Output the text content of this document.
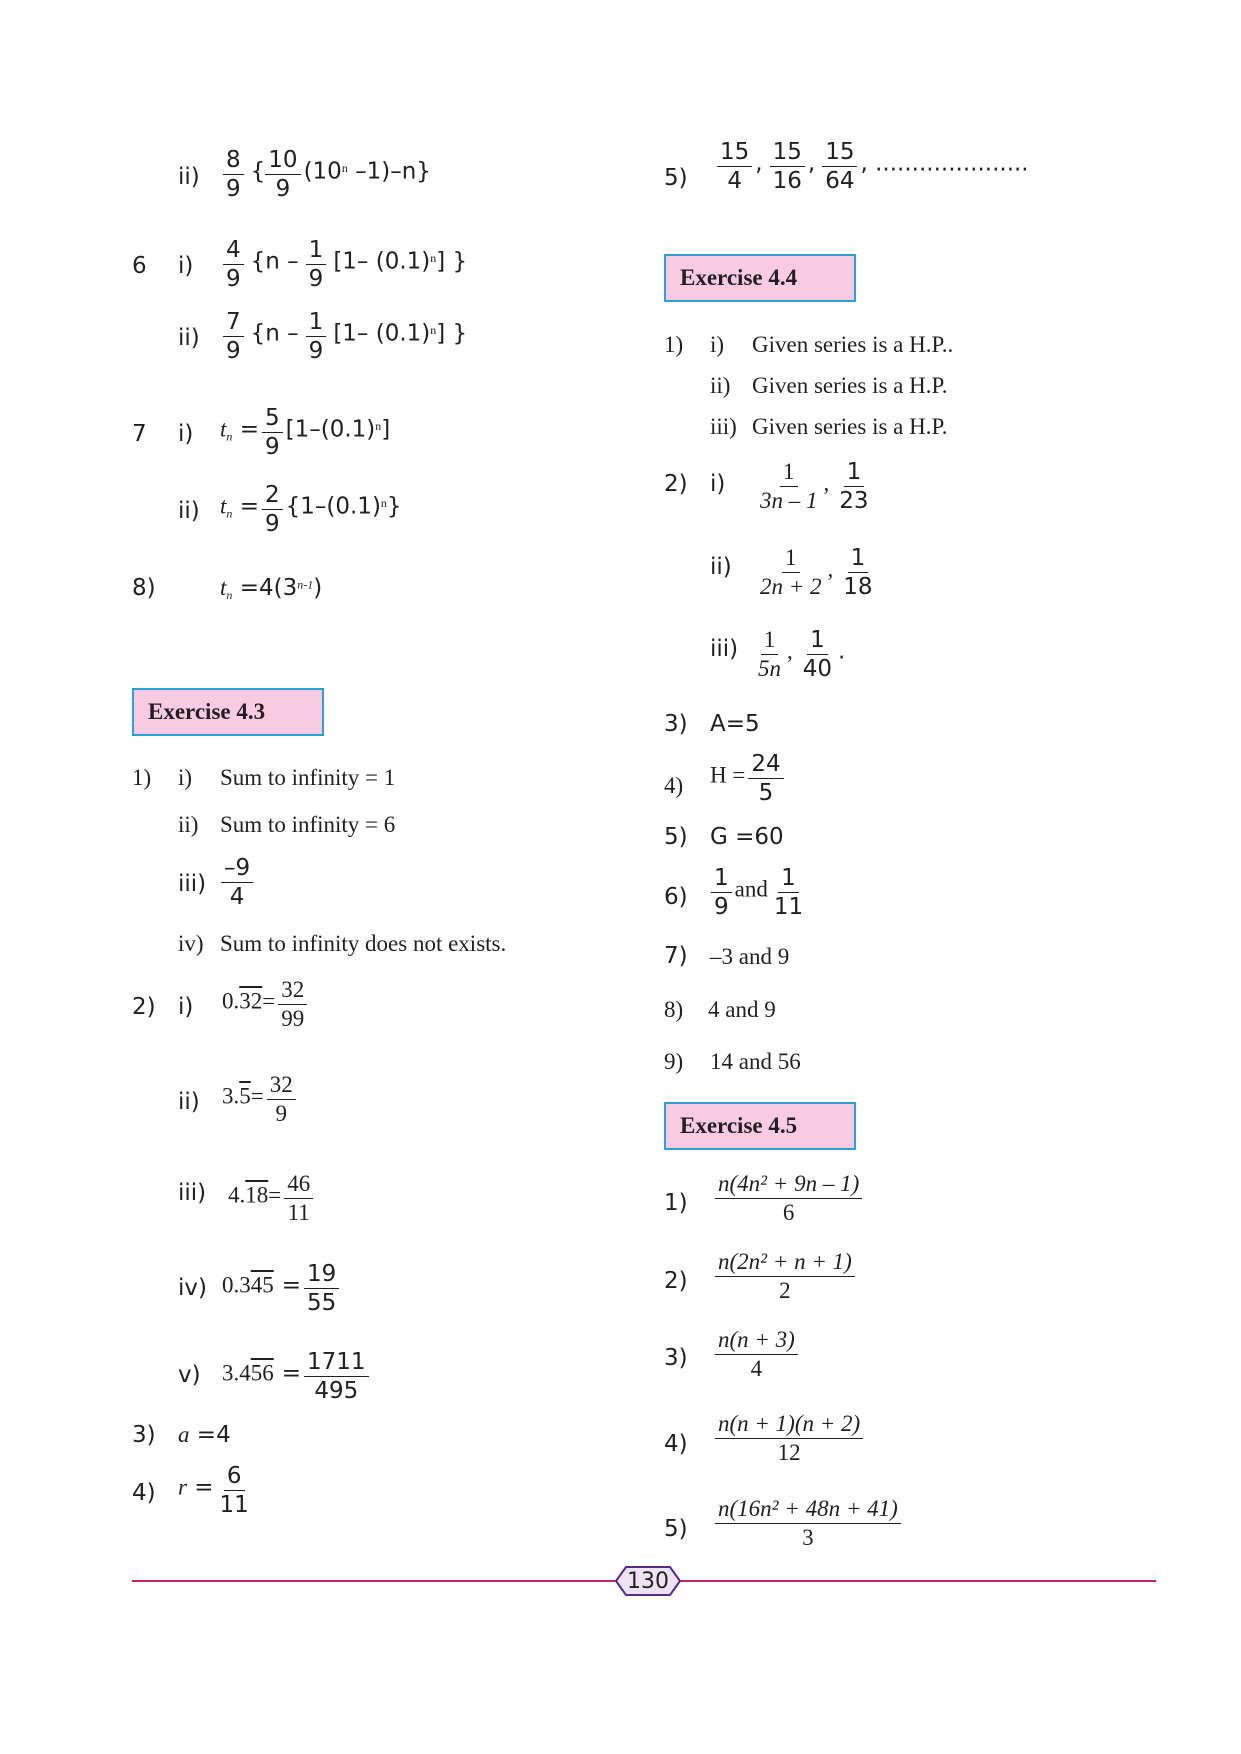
$ii) \frac{8}{9}$ { $\frac{10}{9} (10^n$ –1)–n}
6 $i) \frac{4}{9} \{n - \frac{1}{9} [1-$ $(0.1)^n$] }
$ii) \frac{7}{9} \{n - \frac{1}{9} [1-$ $(0.1)^n$] }
7 i) $t_n = \frac{5}{9} [1-(0.1)^n]$
ii) $t_n = \frac{2}{9} \{1-(0.1)^n\}$
8)	$t_n =4(3^{n-1})$
Exercise 4.3
1) i) Sum to infinity = 1
ii) Sum to infinity = 6
$iii) \frac{-9}{4}$
iv) Sum to infinity does not exists.
2) i) $0.32= \frac{32}{99}$
ii) $3.5= \frac{32}{9}$
iii) $4.18= \frac{46}{11}$
iv) $0.345 = \frac{19}{55}$
v) $3.456 = \frac{1711}{495}$
3) a =4
4) $r = \frac{6}{11}$
$5) \frac{15}{4}$ , $\frac{15}{16}$ , $\frac{15}{64}$ , .....................
Exercise 4.4
1) i) Given series is a H.P..
ii) Given series is a H.P.
iii) Given series is a H.P.
2) $i) \frac{1}{3n - 1}$ , $\frac{1}{23}$
$ii) \frac{1}{2n + 2}$ , $\frac{1}{18}$
$iii) \frac{1}{5n}$ , $\frac{1}{40}$ .
3) A=5
4) $H = \frac{24}{5}$
5) G =60
$6) \frac{1}{9}$ and $\frac{1}{11}$
7) –3 and 9
8) 4 and 9
9) 14 and 56
Exercise 4.5
$1) \frac{\text{n(4n² + 9n – 1)}}{6}$
$2) \frac{\text{n(2n² + n + 1)}}{2}$
$3) \frac{n(n + 3)}{4}$
$4) \frac{n(n + 1)(n + 2)}{12}$
$5) \frac{\text{n(16n² + 48n + 41)}}{3}$
130
